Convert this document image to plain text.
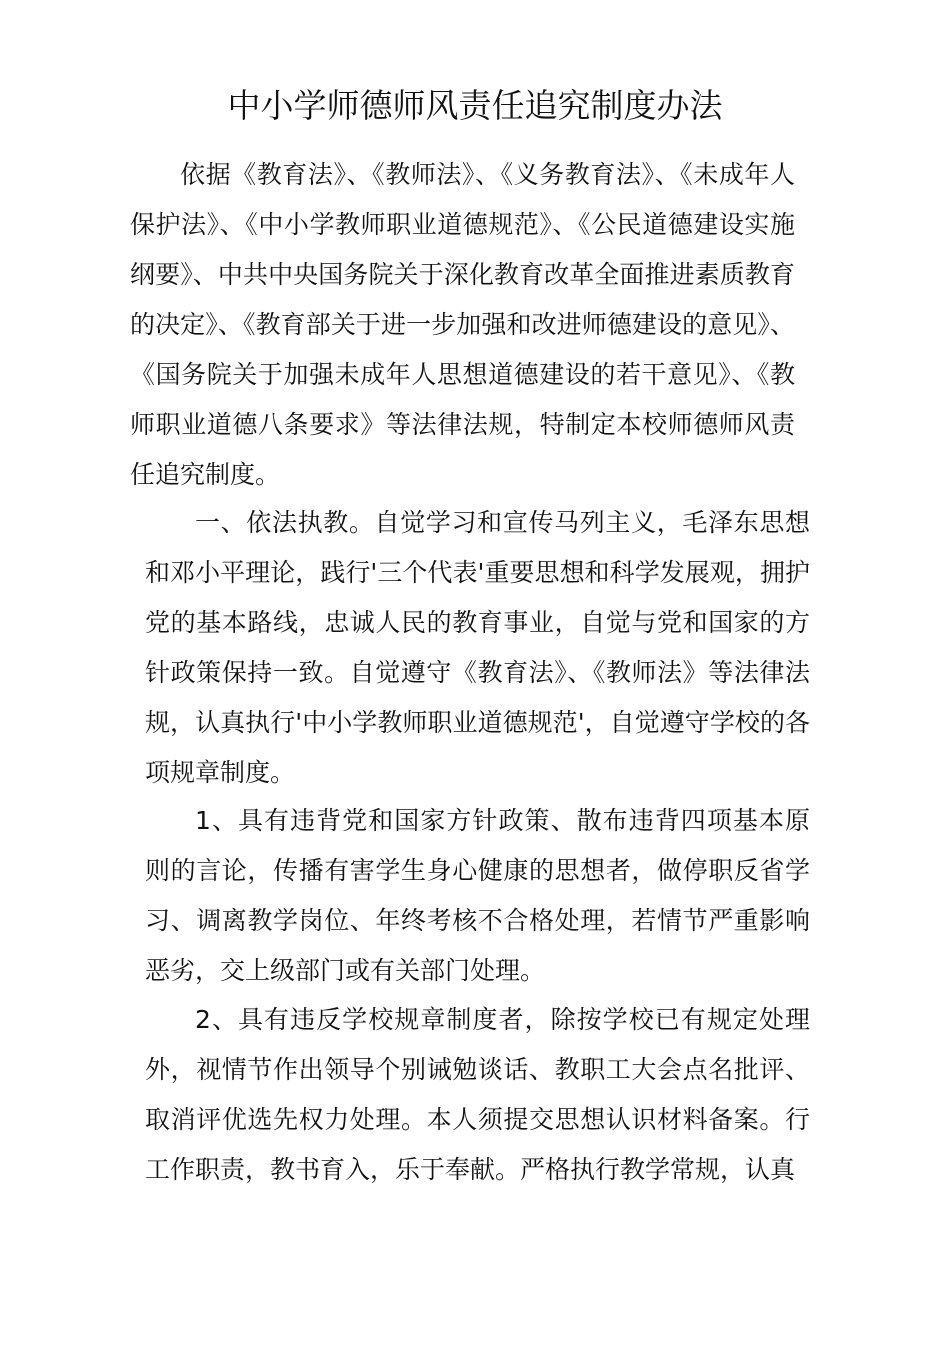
中小学师德师风责任追究制度办法

依据《教育法》、《教师法》、《义务教育法》、《未成年人保护法》、《中小学教师职业道德规范》、《公民道德建设实施纲要》、中共中央国务院关于深化教育改革全面推进素质教育的决定》、《教育部关于进一步加强和改进师德建设的意见》、《国务院关于加强未成年人思想道德建设的若干意见》、《教师职业道德八条要求》等法律法规，特制定本校师德师风责任追究制度。

一、依法执教。自觉学习和宣传马列主义，毛泽东思想和邓小平理论，践行'三个代表'重要思想和科学发展观，拥护党的基本路线，忠诚人民的教育事业，自觉与党和国家的方针政策保持一致。自觉遵守《教育法》、《教师法》等法律法规，认真执行'中小学教师职业道德规范'，自觉遵守学校的各项规章制度。

1、具有违背党和国家方针政策、散布违背四项基本原则的言论，传播有害学生身心健康的思想者，做停职反省学习、调离教学岗位、年终考核不合格处理，若情节严重影响恶劣，交上级部门或有关部门处理。

2、具有违反学校规章制度者，除按学校已有规定处理外，视情节作出领导个别诫勉谈话、教职工大会点名批评、取消评优选先权力处理。本人须提交思想认识材料备案。行工作职责，教书育入，乐于奉献。严格执行教学常规，认真
